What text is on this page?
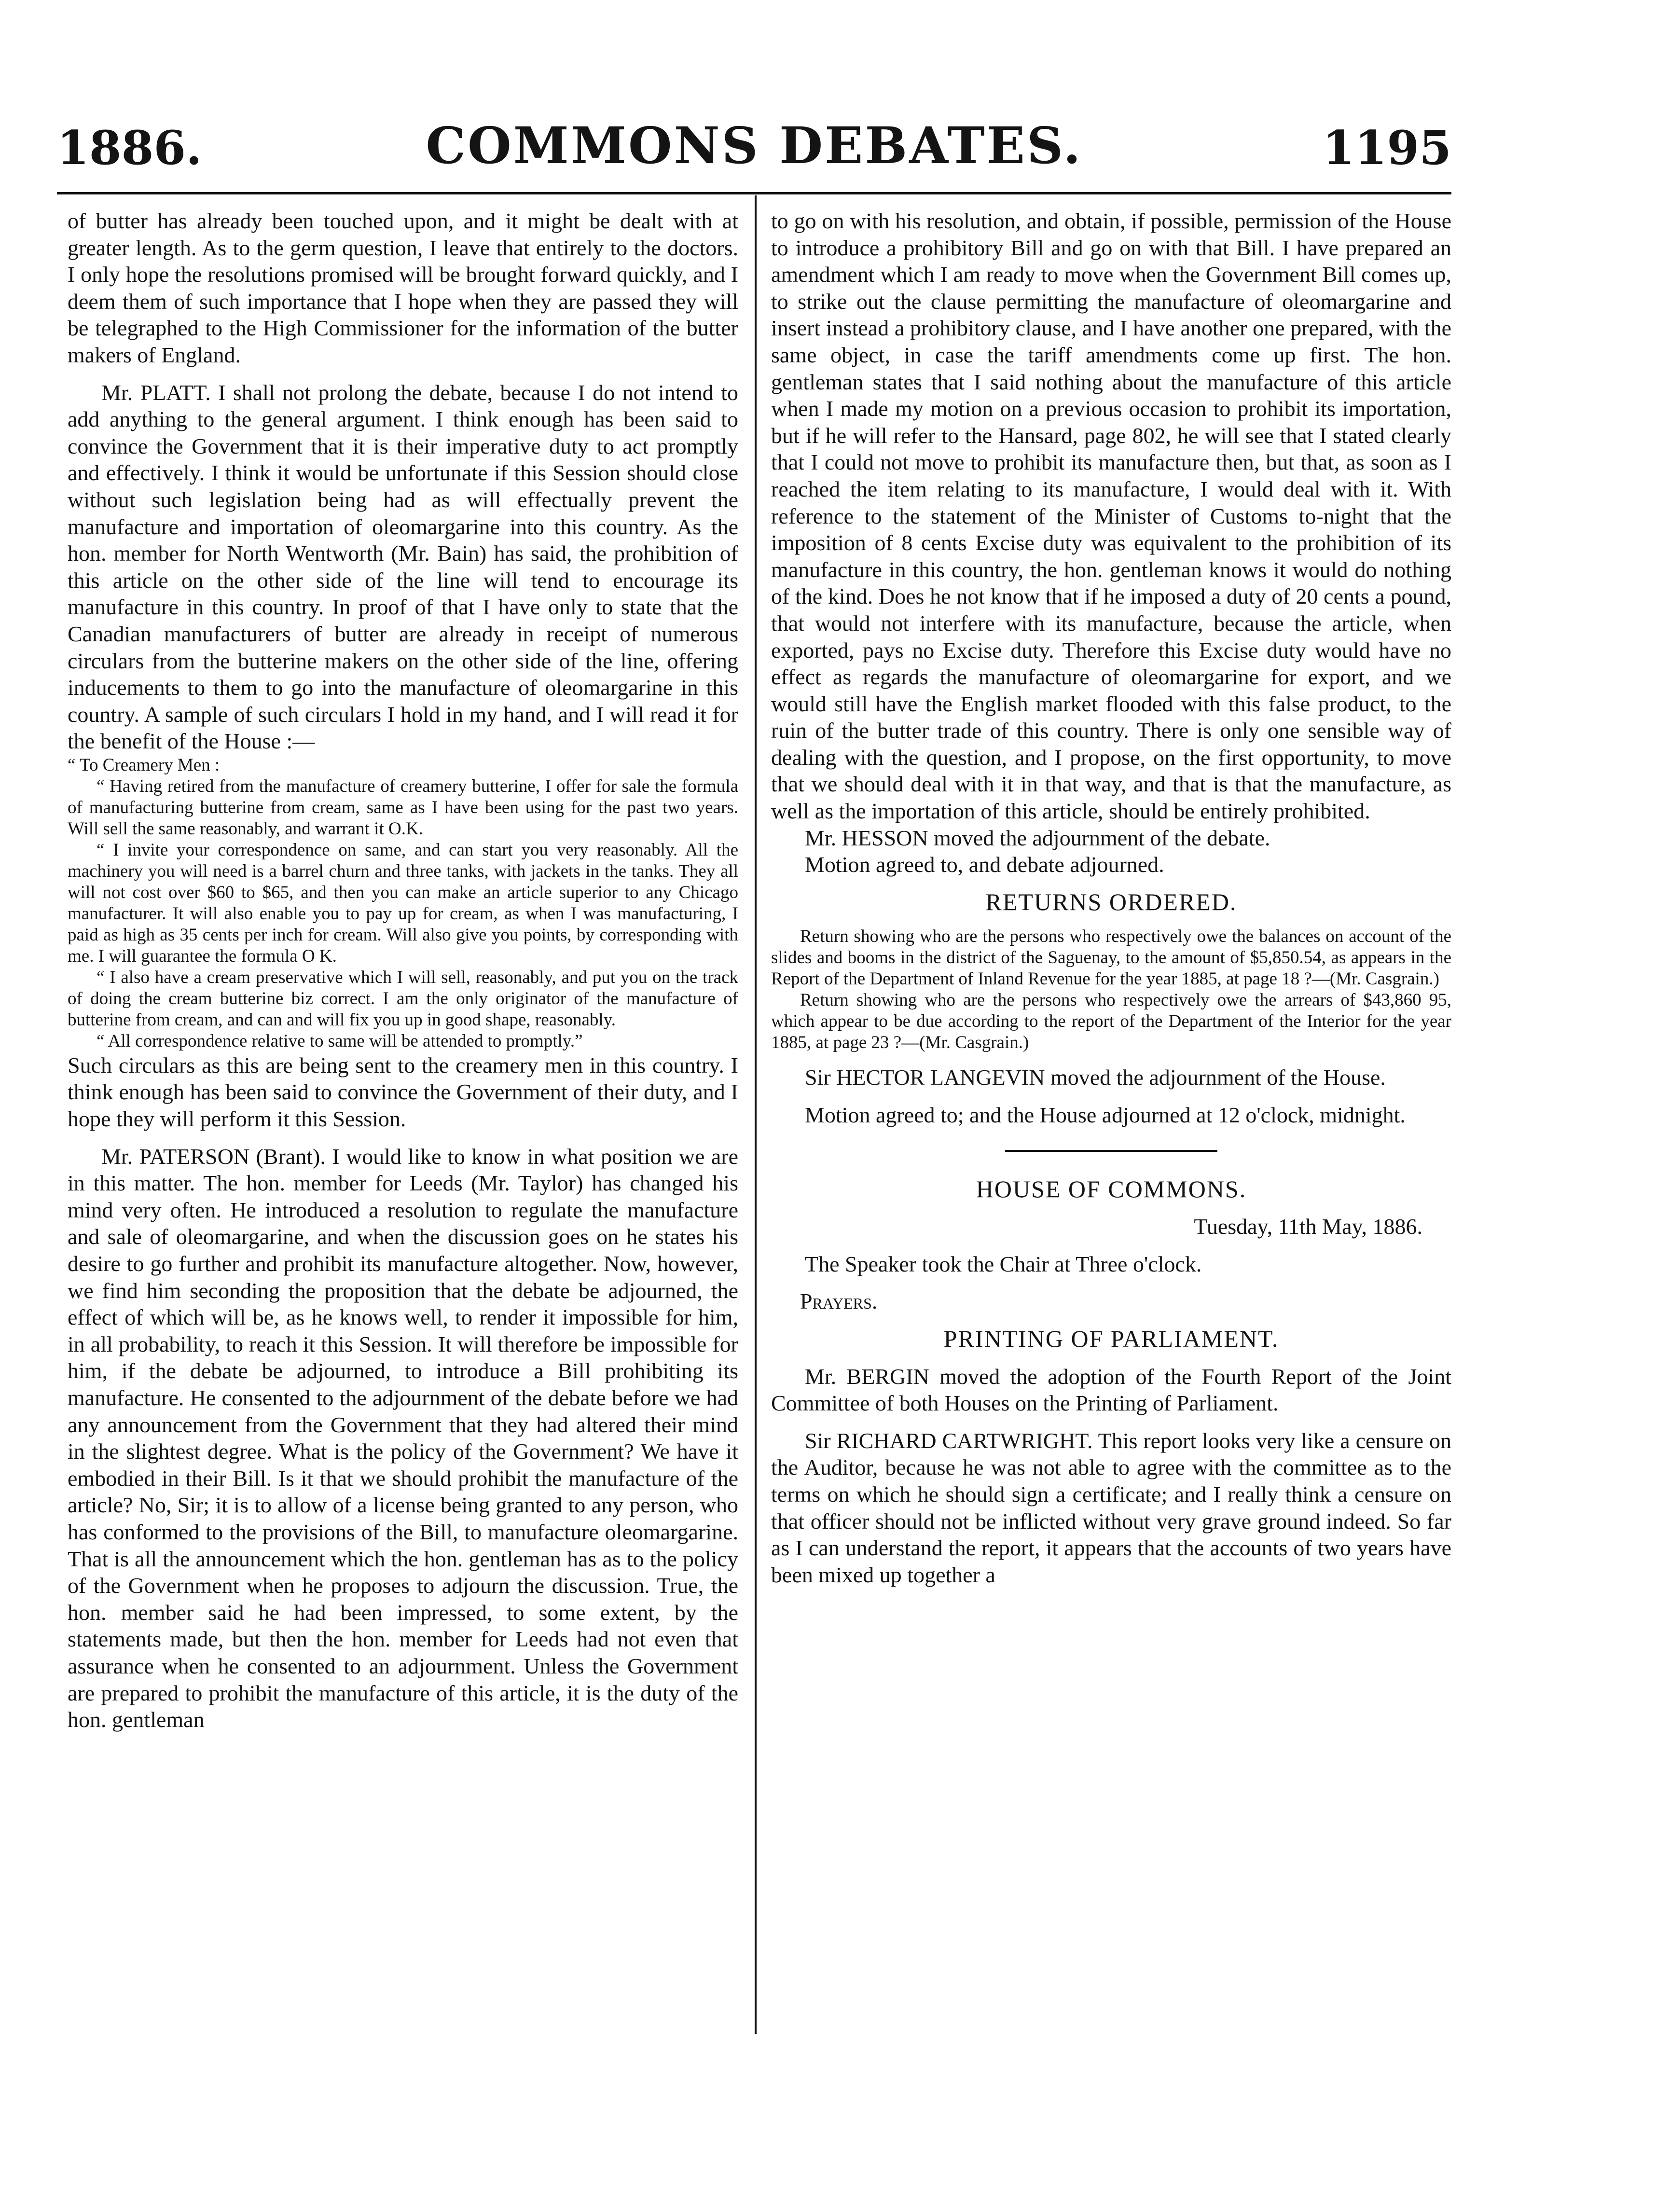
1886.	COMMONS DEBATES.	1195

of butter has already been touched upon, and it might be dealt with at greater length. As to the germ question, I leave that entirely to the doctors. I only hope the resolutions promised will be brought forward quickly, and I deem them of such importance that I hope when they are passed they will be telegraphed to the High Commissioner for the information of the butter makers of England.

Mr. PLATT. I shall not prolong the debate, because I do not intend to add anything to the general argument. I think enough has been said to convince the Government that it is their imperative duty to act promptly and effectively. I think it would be unfortunate if this Session should close without such legislation being had as will effectually prevent the manufacture and importation of oleomargarine into this country. As the hon. member for North Wentworth (Mr. Bain) has said, the prohibition of this article on the other side of the line will tend to encourage its manufacture in this country. In proof of that I have only to state that the Canadian manufacturers of butter are already in receipt of numerous circulars from the butterine makers on the other side of the line, offering inducements to them to go into the manufacture of oleomargarine in this country. A sample of such circulars I hold in my hand, and I will read it for the benefit of the House :—

“ To Creamery Men :

“ Having retired from the manufacture of creamery butterine, I offer for sale the formula of manufacturing butterine from cream, same as I have been using for the past two years. Will sell the same reasonably, and warrant it O.K.

“ I invite your correspondence on same, and can start you very reasonably. All the machinery you will need is a barrel churn and three tanks, with jackets in the tanks. They all will not cost over $60 to $65, and then you can make an article superior to any Chicago manufacturer. It will also enable you to pay up for cream, as when I was manufacturing, I paid as high as 35 cents per inch for cream. Will also give you points, by corresponding with me. I will guarantee the formula O K.

“ I also have a cream preservative which I will sell, reasonably, and put you on the track of doing the cream butterine biz correct. I am the only originator of the manufacture of butterine from cream, and can and will fix you up in good shape, reasonably.

“ All correspondence relative to same will be attended to promptly.”

Such circulars as this are being sent to the creamery men in this country. I think enough has been said to convince the Government of their duty, and I hope they will perform it this Session.

Mr. PATERSON (Brant). I would like to know in what position we are in this matter. The hon. member for Leeds (Mr. Taylor) has changed his mind very often. He introduced a resolution to regulate the manufacture and sale of oleomargarine, and when the discussion goes on he states his desire to go further and prohibit its manufacture altogether. Now, however, we find him seconding the proposition that the debate be adjourned, the effect of which will be, as he knows well, to render it impossible for him, in all probability, to reach it this Session. It will therefore be impossible for him, if the debate be adjourned, to introduce a Bill prohibiting its manufacture. He consented to the adjournment of the debate before we had any announcement from the Government that they had altered their mind in the slightest degree. What is the policy of the Government? We have it embodied in their Bill. Is it that we should prohibit the manufacture of the article? No, Sir; it is to allow of a license being granted to any person, who has conformed to the provisions of the Bill, to manufacture oleomargarine. That is all the announcement which the hon. gentleman has as to the policy of the Government when he proposes to adjourn the discussion. True, the hon. member said he had been impressed, to some extent, by the statements made, but then the hon. member for Leeds had not even that assurance when he consented to an adjournment. Unless the Government are prepared to prohibit the manufacture of this article, it is the duty of the hon. gentleman

to go on with his resolution, and obtain, if possible, permission of the House to introduce a prohibitory Bill and go on with that Bill. I have prepared an amendment which I am ready to move when the Government Bill comes up, to strike out the clause permitting the manufacture of oleomargarine and insert instead a prohibitory clause, and I have another one prepared, with the same object, in case the tariff amendments come up first. The hon. gentleman states that I said nothing about the manufacture of this article when I made my motion on a previous occasion to prohibit its importation, but if he will refer to the Hansard, page 802, he will see that I stated clearly that I could not move to prohibit its manufacture then, but that, as soon as I reached the item relating to its manufacture, I would deal with it. With reference to the statement of the Minister of Customs to-night that the imposition of 8 cents Excise duty was equivalent to the prohibition of its manufacture in this country, the hon. gentleman knows it would do nothing of the kind. Does he not know that if he imposed a duty of 20 cents a pound, that would not interfere with its manufacture, because the article, when exported, pays no Excise duty. Therefore this Excise duty would have no effect as regards the manufacture of oleomargarine for export, and we would still have the English market flooded with this false product, to the ruin of the butter trade of this country. There is only one sensible way of dealing with the question, and I propose, on the first opportunity, to move that we should deal with it in that way, and that is that the manufacture, as well as the importation of this article, should be entirely prohibited.

Mr. HESSON moved the adjournment of the debate.

Motion agreed to, and debate adjourned.

RETURNS ORDERED.

Return showing who are the persons who respectively owe the balances on account of the slides and booms in the district of the Saguenay, to the amount of $5,850.54, as appears in the Report of the Department of Inland Revenue for the year 1885, at page 18 ?—(Mr. Casgrain.)

Return showing who are the persons who respectively owe the arrears of $43,860 95, which appear to be due according to the report of the Department of the Interior for the year 1885, at page 23 ?—(Mr. Casgrain.)

Sir HECTOR LANGEVIN moved the adjournment of the House.

Motion agreed to; and the House adjourned at 12 o'clock, midnight.

HOUSE OF COMMONS.

Tuesday, 11th May, 1886.

The Speaker took the Chair at Three o'clock.

Prayers.

PRINTING OF PARLIAMENT.

Mr. BERGIN moved the adoption of the Fourth Report of the Joint Committee of both Houses on the Printing of Parliament.

Sir RICHARD CARTWRIGHT. This report looks very like a censure on the Auditor, because he was not able to agree with the committee as to the terms on which he should sign a certificate; and I really think a censure on that officer should not be inflicted without very grave ground indeed. So far as I can understand the report, it appears that the accounts of two years have been mixed up together a
